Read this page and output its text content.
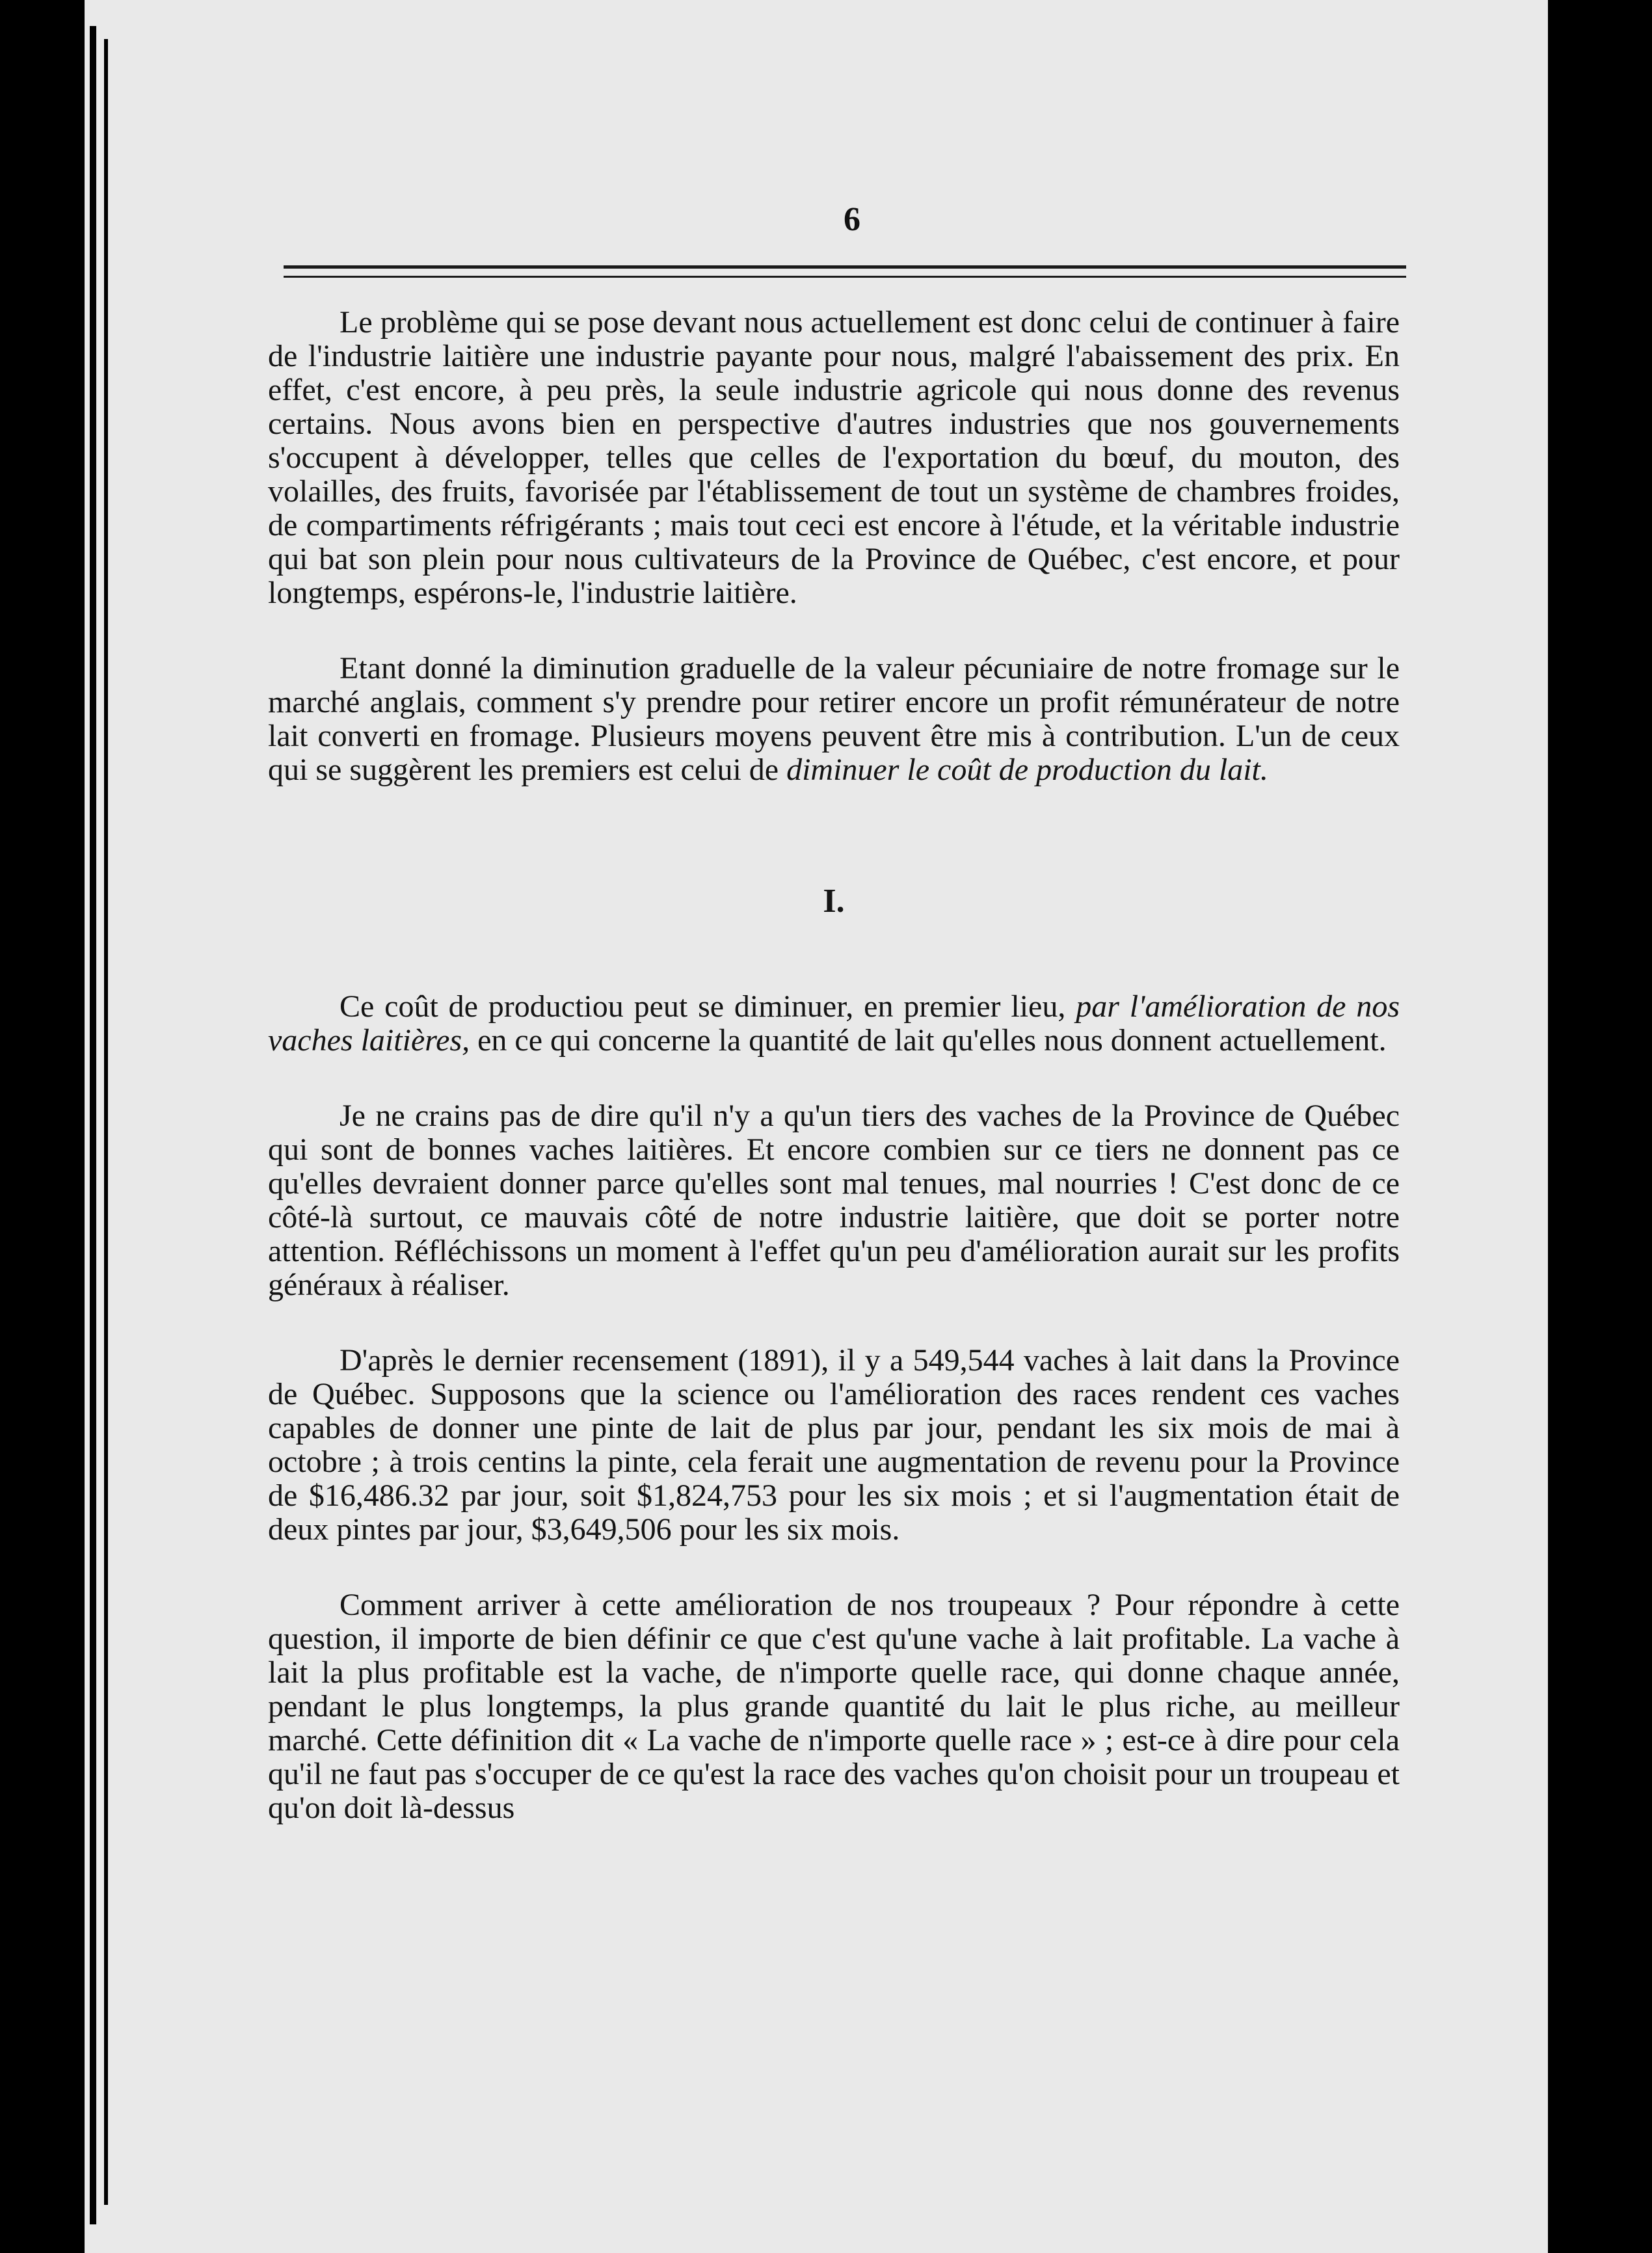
6

Le problème qui se pose devant nous actuellement est donc celui de continuer à faire de l'industrie laitière une industrie payante pour nous, malgré l'abaissement des prix. En effet, c'est encore, à peu près, la seule industrie agricole qui nous donne des revenus certains. Nous avons bien en perspective d'autres industries que nos gouvernements s'occupent à développer, telles que celles de l'exportation du bœuf, du mouton, des volailles, des fruits, favorisée par l'établissement de tout un système de chambres froides, de compartiments réfrigérants ; mais tout ceci est encore à l'étude, et la véritable industrie qui bat son plein pour nous cultivateurs de la Province de Québec, c'est encore, et pour longtemps, espérons-le, l'industrie laitière.

Etant donné la diminution graduelle de la valeur pécuniaire de notre fromage sur le marché anglais, comment s'y prendre pour retirer encore un profit rémunérateur de notre lait converti en fromage. Plusieurs moyens peuvent être mis à contribution. L'un de ceux qui se suggèrent les premiers est celui de diminuer le coût de production du lait.

I.

Ce coût de productiou peut se diminuer, en premier lieu, par l'amélioration de nos vaches laitières, en ce qui concerne la quantité de lait qu'elles nous donnent actuellement.

Je ne crains pas de dire qu'il n'y a qu'un tiers des vaches de la Province de Québec qui sont de bonnes vaches laitières. Et encore combien sur ce tiers ne donnent pas ce qu'elles devraient donner parce qu'elles sont mal tenues, mal nourries ! C'est donc de ce côté-là surtout, ce mauvais côté de notre industrie laitière, que doit se porter notre attention. Réfléchissons un moment à l'effet qu'un peu d'amélioration aurait sur les profits généraux à réaliser.

D'après le dernier recensement (1891), il y a 549,544 vaches à lait dans la Province de Québec. Supposons que la science ou l'amélioration des races rendent ces vaches capables de donner une pinte de lait de plus par jour, pendant les six mois de mai à octobre ; à trois centins la pinte, cela ferait une augmentation de revenu pour la Province de $16,486.32 par jour, soit $1,824,753 pour les six mois ; et si l'augmentation était de deux pintes par jour, $3,649,506 pour les six mois.

Comment arriver à cette amélioration de nos troupeaux ? Pour répondre à cette question, il importe de bien définir ce que c'est qu'une vache à lait profitable. La vache à lait la plus profitable est la vache, de n'importe quelle race, qui donne chaque année, pendant le plus longtemps, la plus grande quantité du lait le plus riche, au meilleur marché. Cette définition dit « La vache de n'importe quelle race » ; est-ce à dire pour cela qu'il ne faut pas s'occuper de ce qu'est la race des vaches qu'on choisit pour un troupeau et qu'on doit là-dessus
